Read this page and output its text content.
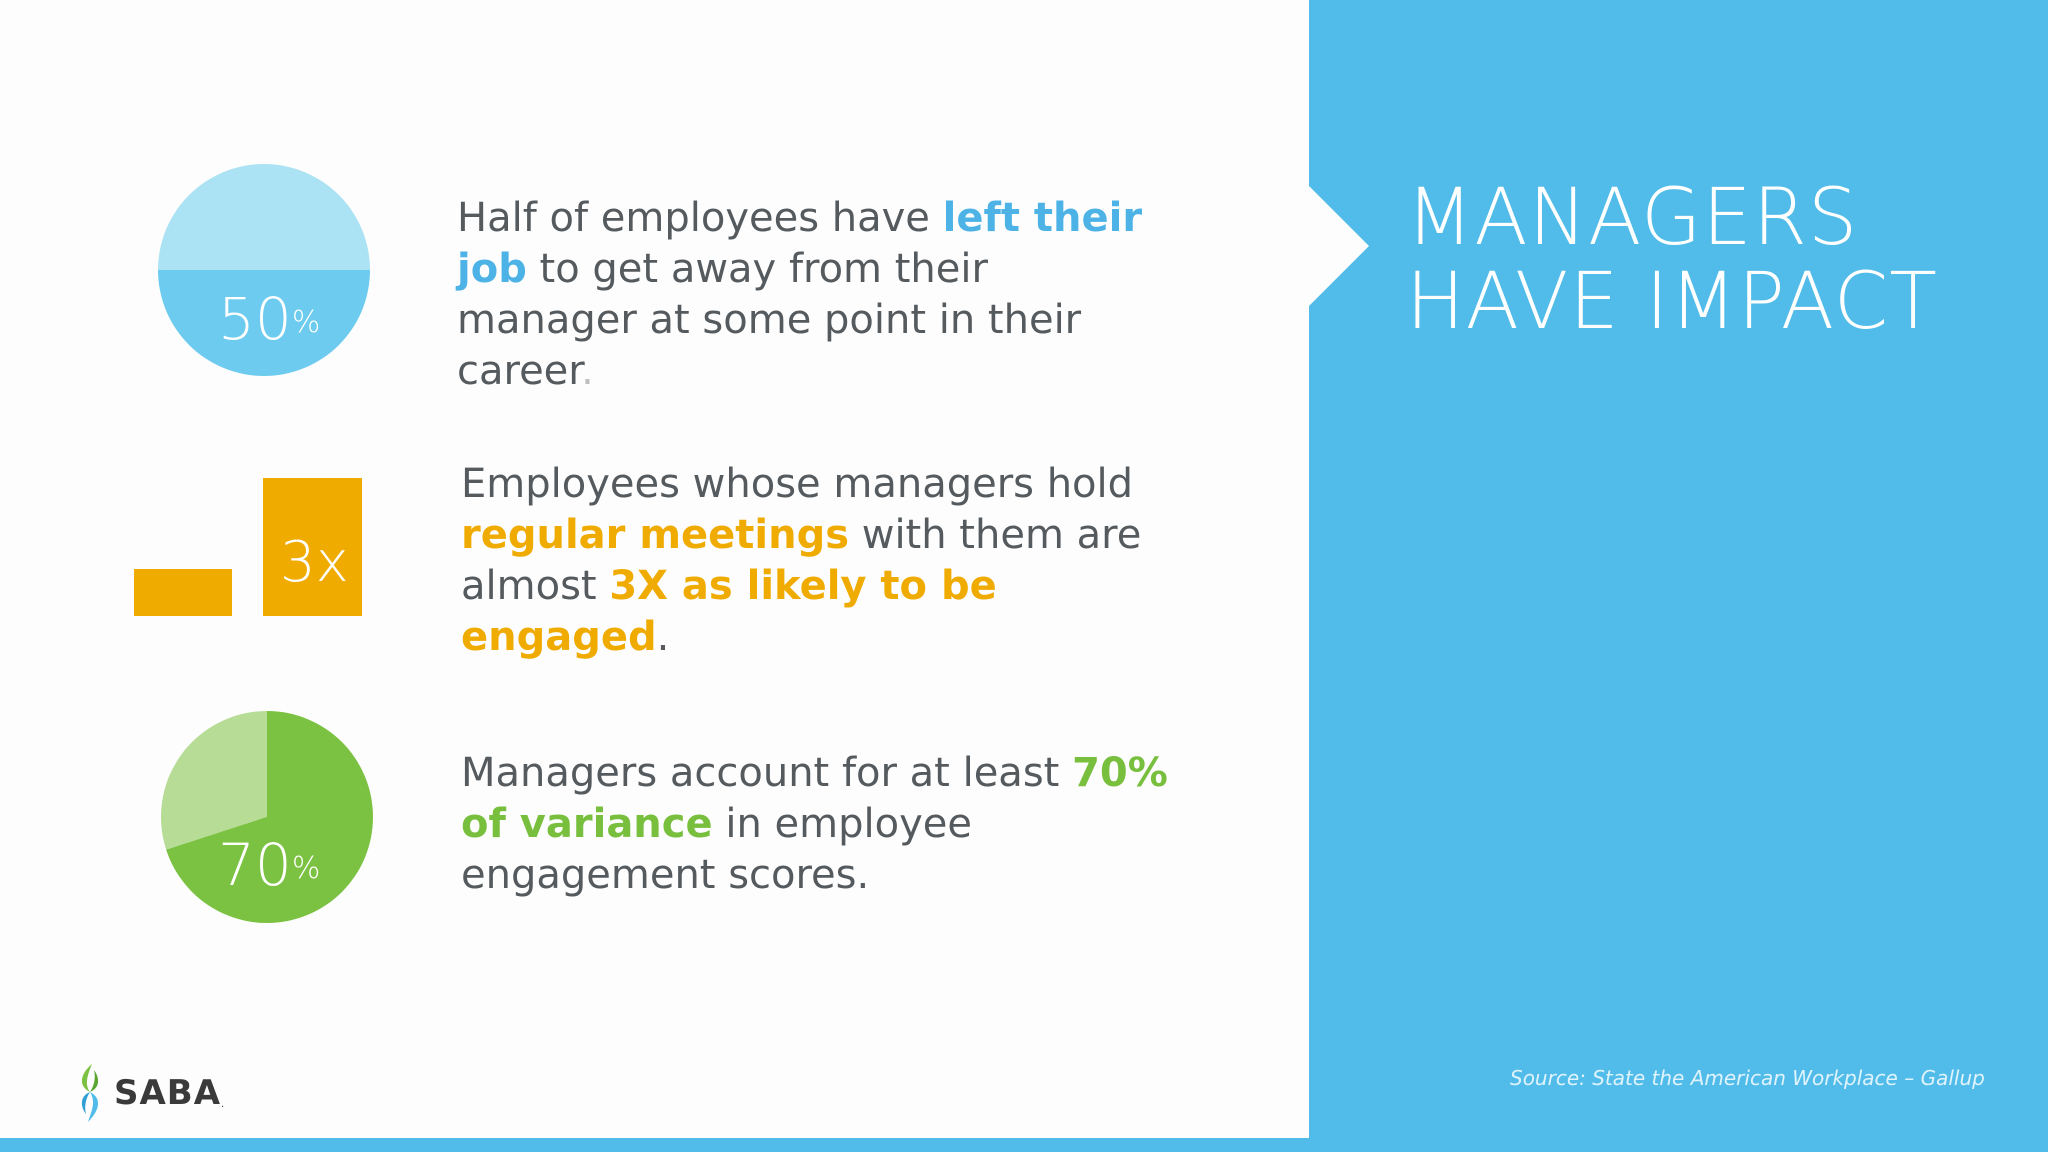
MANAGERS
HAVE IMPACT
50%
Half of employees have left their job to get away from their manager at some point in their career.
3x
Employees whose managers hold regular meetings with them are almost 3X as likely to be engaged.
70%
Managers account for at least 70% of variance in employee engagement scores.
Source: State the American Workplace – Gallup
SABA .
